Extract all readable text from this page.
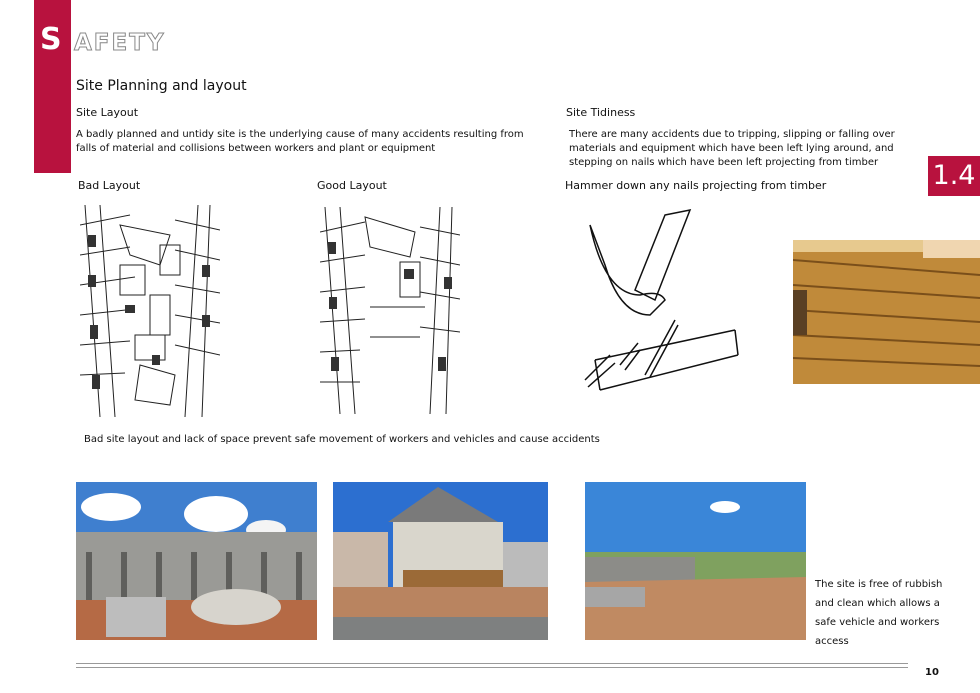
S AFETY
1.4
Site Planning and layout
Site Layout
A badly planned and untidy site is the underlying cause of many accidents resulting from falls of material and collisions between workers and plant or equipment
Site Tidiness
There are many accidents due to tripping, slipping or falling over materials and equipment which have been left lying around, and stepping on nails which have been left projecting from timber
Bad Layout	Good Layout	Hammer down any nails projecting from timber
Bad site layout and lack of space prevent safe movement of workers and vehicles and cause accidents
The site is free of rubbish
and clean which allows a
safe vehicle and workers access
10
